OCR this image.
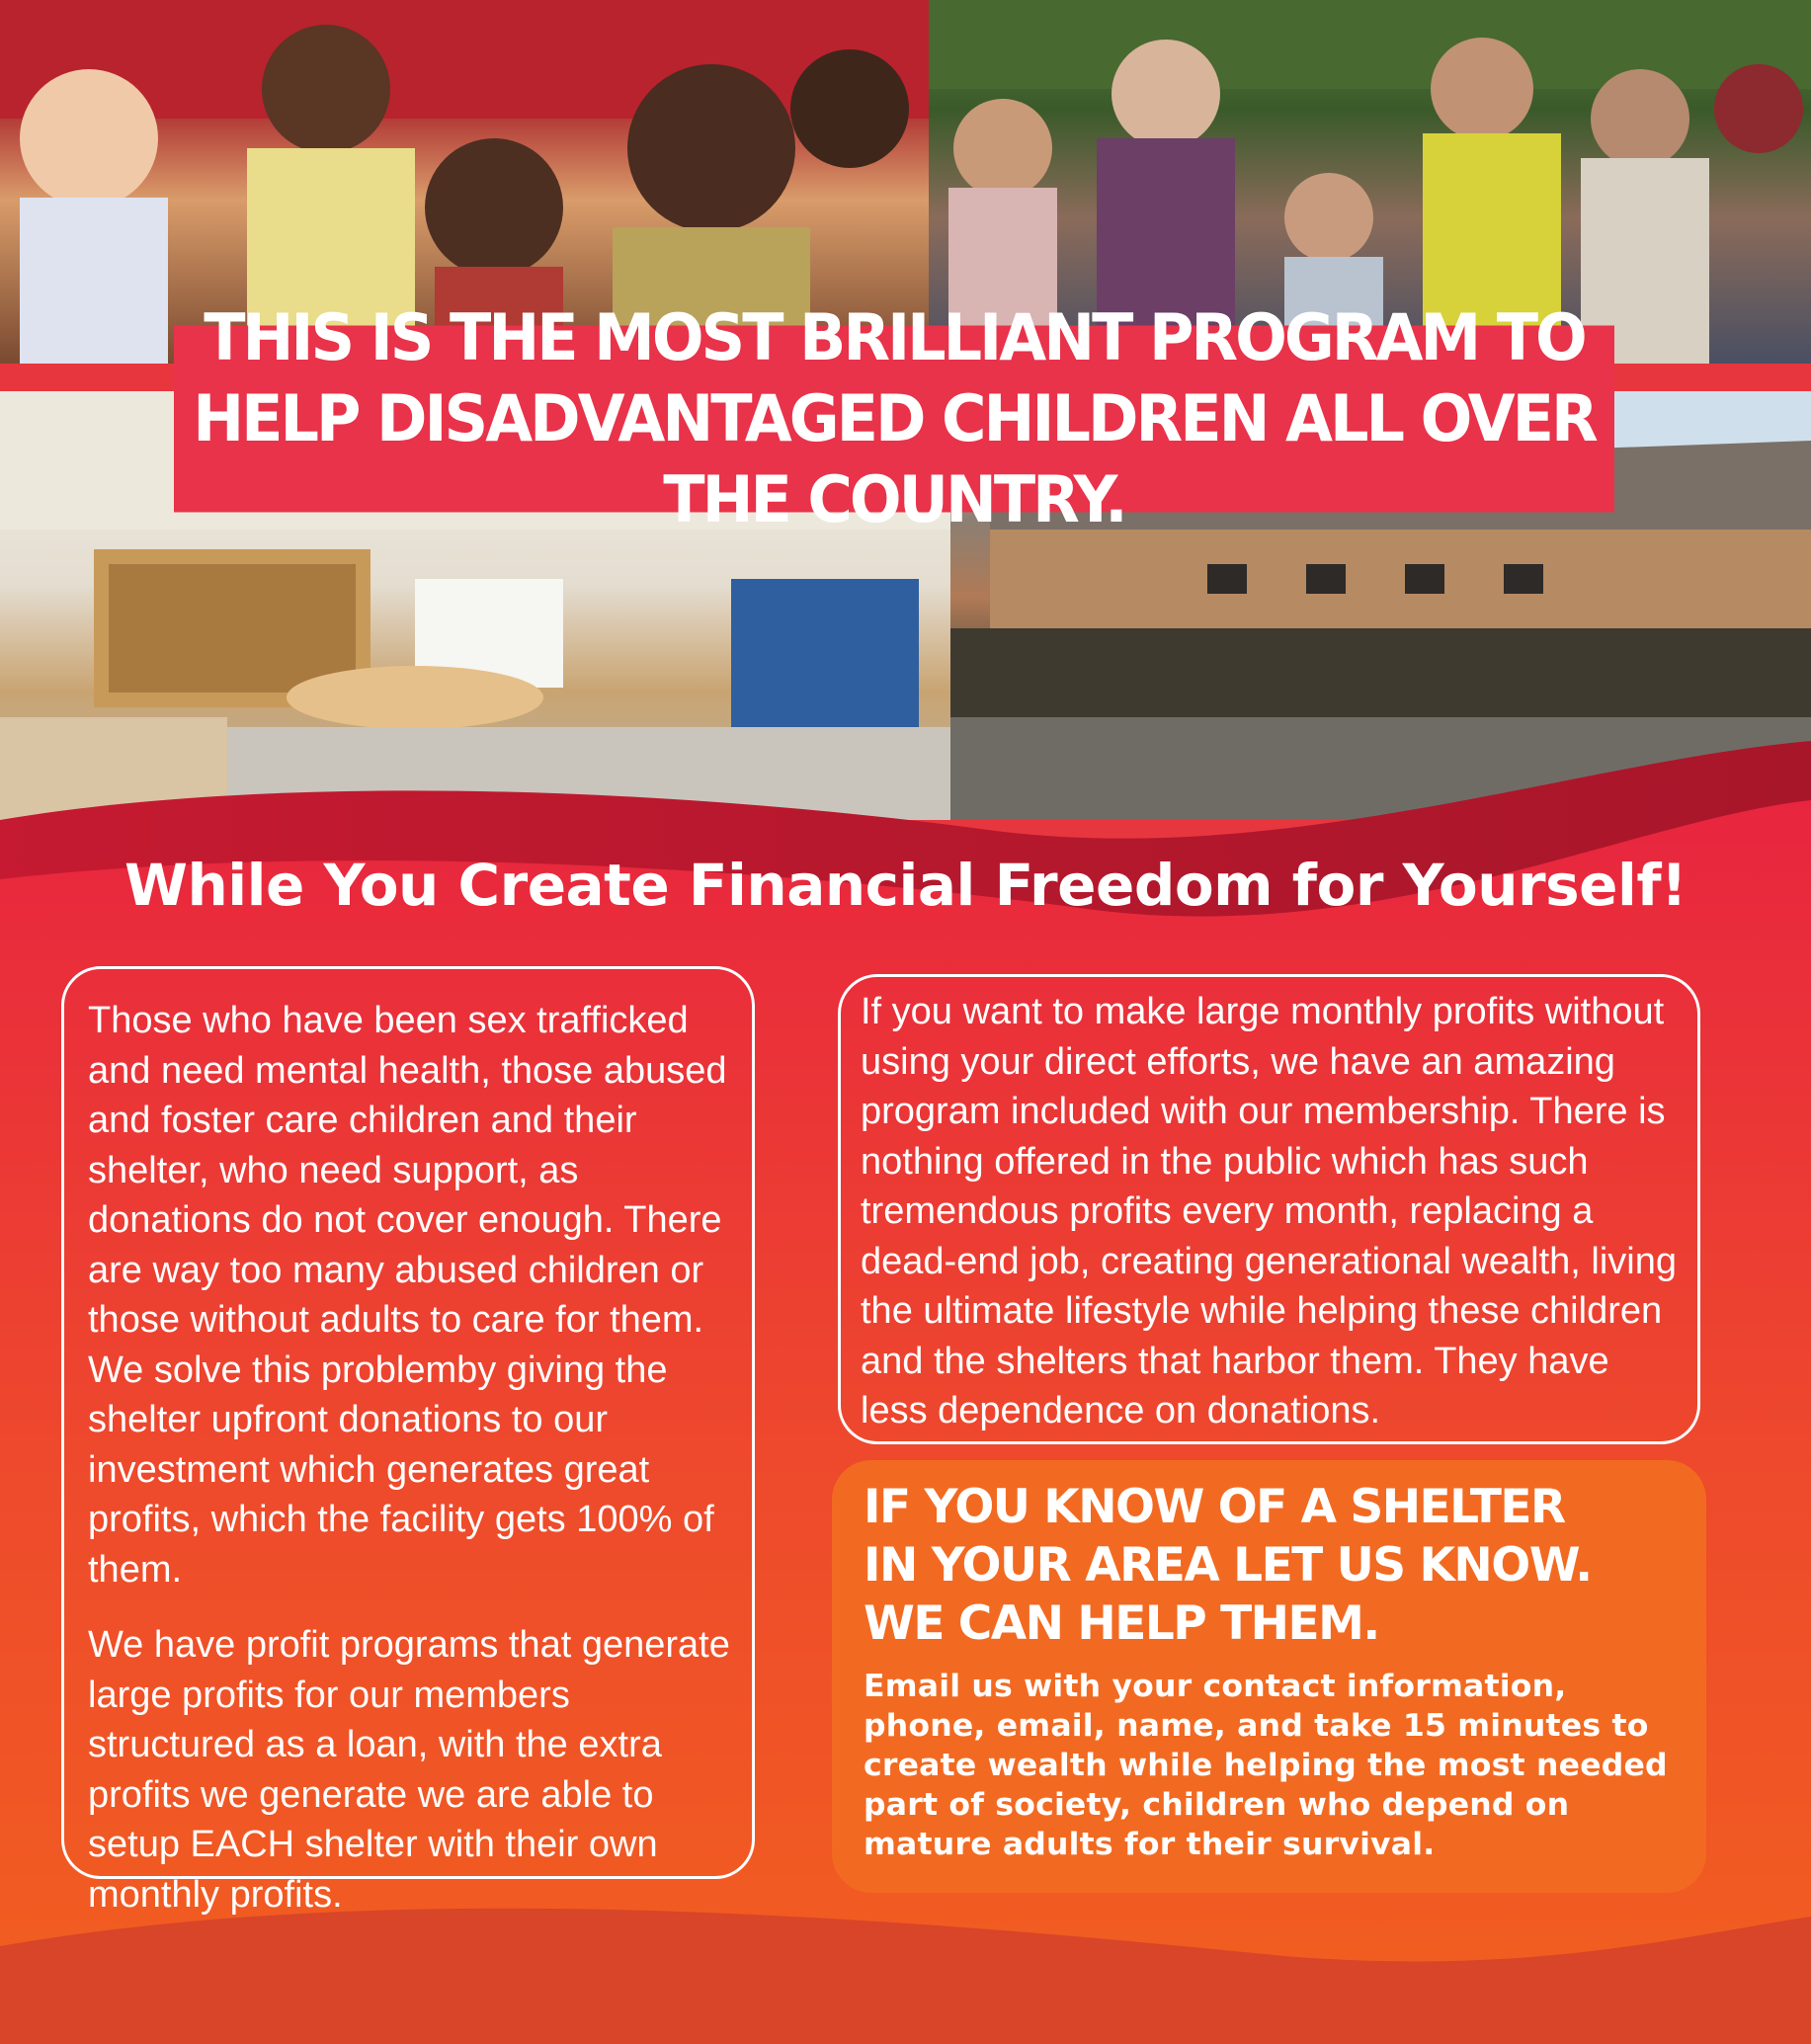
THIS IS THE MOST BRILLIANT PROGRAM TO
HELP DISADVANTAGED CHILDREN ALL OVER THE COUNTRY.
While You Create Financial Freedom for Yourself!

Those who have been sex trafficked and need mental health, those abused and foster care children and their shelter, who need support, as donations do not cover enough. There are way too many abused children or those without adults to care for them. We solve this problemby giving the shelter upfront donations to our investment which generates great profits, which the facility gets 100% of them.

We have profit programs that generate large profits for our members structured as a loan, with the extra profits we generate we are able to setup EACH shelter with their own monthly profits.

If you want to make large monthly profits without using your direct efforts, we have an amazing program included with our membership. There is nothing offered in the public which has such tremendous profits every month, replacing a dead-end job, creating generational wealth, living the ultimate lifestyle while helping these children and the shelters that harbor them. They have less dependence on donations.

IF YOU KNOW OF A SHELTER
IN YOUR AREA LET US KNOW.
WE CAN HELP THEM.

Email us with your contact information, phone, email, name, and take 15 minutes to create wealth while helping the most needed part of society, children who depend on mature adults for their survival.
